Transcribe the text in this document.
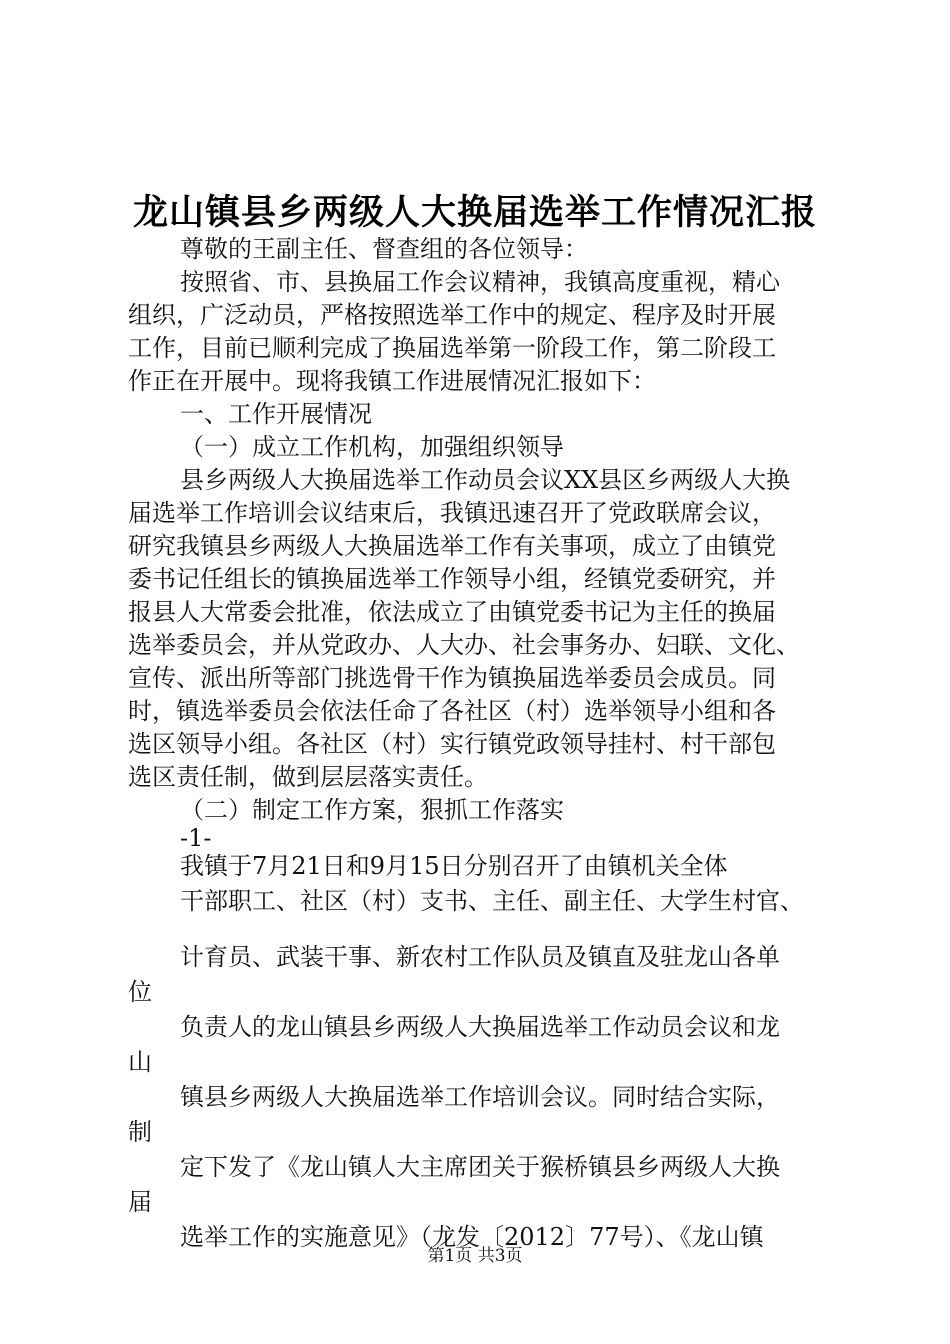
龙山镇县乡两级人大换届选举工作情况汇报
尊敬的王副主任、督查组的各位领导：
按照省、市、县换届工作会议精神，我镇高度重视，精心
组织，广泛动员，严格按照选举工作中的规定、程序及时开展
工作，目前已顺利完成了换届选举第一阶段工作，第二阶段工
作正在开展中。现将我镇工作进展情况汇报如下：
一、工作开展情况
（一）成立工作机构，加强组织领导
县乡两级人大换届选举工作动员会议XX县区乡两级人大换
届选举工作培训会议结束后，我镇迅速召开了党政联席会议，
研究我镇县乡两级人大换届选举工作有关事项，成立了由镇党
委书记任组长的镇换届选举工作领导小组，经镇党委研究，并
报县人大常委会批准，依法成立了由镇党委书记为主任的换届
选举委员会，并从党政办、人大办、社会事务办、妇联、文化、
宣传、派出所等部门挑选骨干作为镇换届选举委员会成员。同
时，镇选举委员会依法任命了各社区（村）选举领导小组和各
选区领导小组。各社区（村）实行镇党政领导挂村、村干部包
选区责任制，做到层层落实责任。
（二）制定工作方案，狠抓工作落实
-1-
我镇于7月21日和9月15日分别召开了由镇机关全体
干部职工、社区（村）支书、主任、副主任、大学生村官、
计育员、武装干事、新农村工作队员及镇直及驻龙山各单
位
负责人的龙山镇县乡两级人大换届选举工作动员会议和龙
山
镇县乡两级人大换届选举工作培训会议。同时结合实际，
制
定下发了《龙山镇人大主席团关于猴桥镇县乡两级人大换
届
选举工作的实施意见》（龙发〔2012〕77号）、《龙山镇
第1页 共3页
